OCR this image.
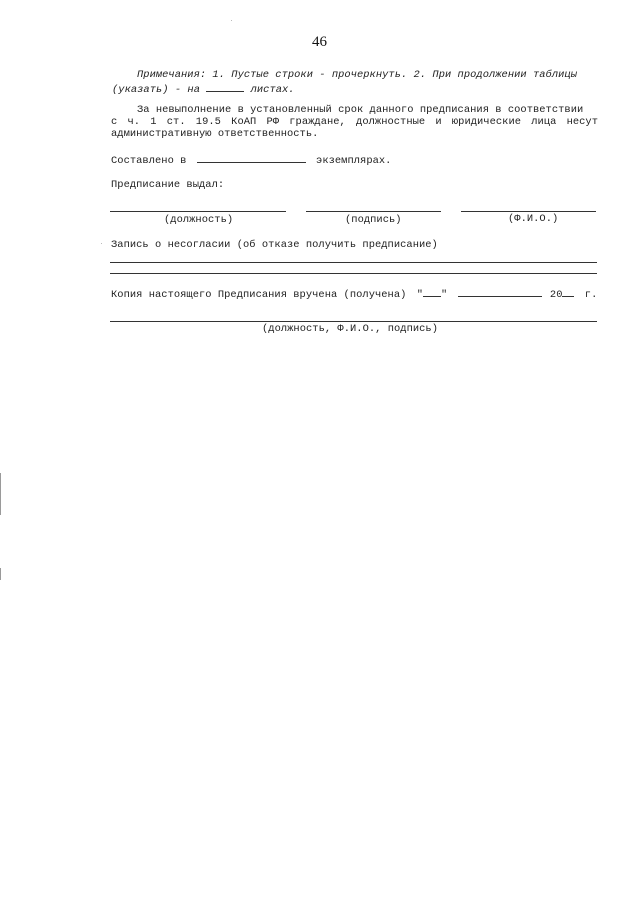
46
Примечания: 1. Пустые строки - прочеркнуть. 2. При продолжении таблицы
(указать) - на	листах.
За невыполнение в установленный срок данного предписания в соответствии
с ч. 1 ст. 19.5 КоАП РФ граждане, должностные и юридические лица несут
административную ответственность.
Составлено в	экземплярах.
Предписание выдал:
(должность)	(подпись)	(Ф.И.О.)
Запись о несогласии (об отказе получить предписание)
Копия настоящего Предписания вручена (получена) " "	20 г.
(должность, Ф.И.О., подпись)
